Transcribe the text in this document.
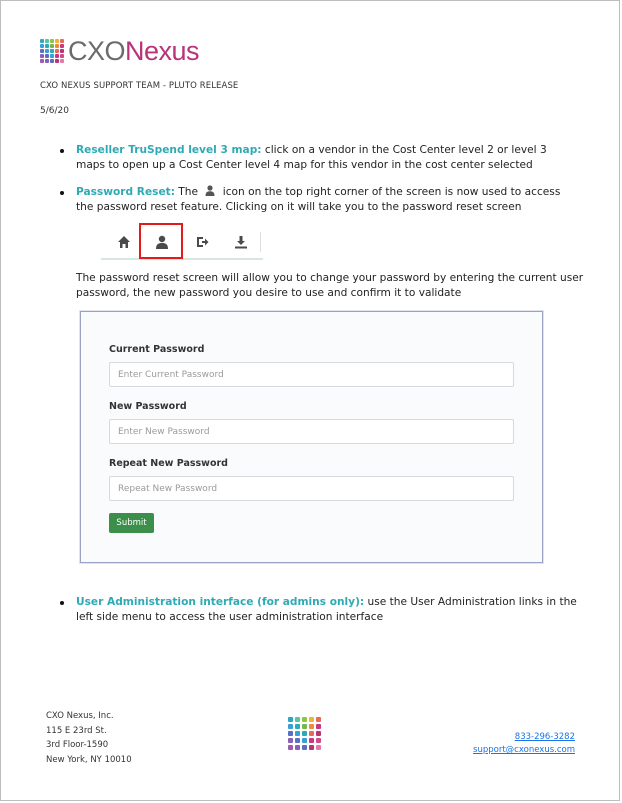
CXONexus
CXO NEXUS SUPPORT TEAM - PLUTO RELEASE
5/6/20
Reseller TruSpend level 3 map: click on a vendor in the Cost Center level 2 or level 3 maps to open up a Cost Center level 4 map for this vendor in the cost center selected
Password Reset: The  icon on the top right corner of the screen is now used to access the password reset feature. Clicking on it will take you to the password reset screen
The password reset screen will allow you to change your password by entering the current user password, the new password you desire to use and confirm it to validate
Current Password
New Password
Repeat New Password
Submit
User Administration interface (for admins only): use the User Administration links in the left side menu to access the user administration interface
CXO Nexus, Inc.
115 E 23rd St.
3rd Floor-1590
New York, NY 10010
833-296-3282
support@cxonexus.com
